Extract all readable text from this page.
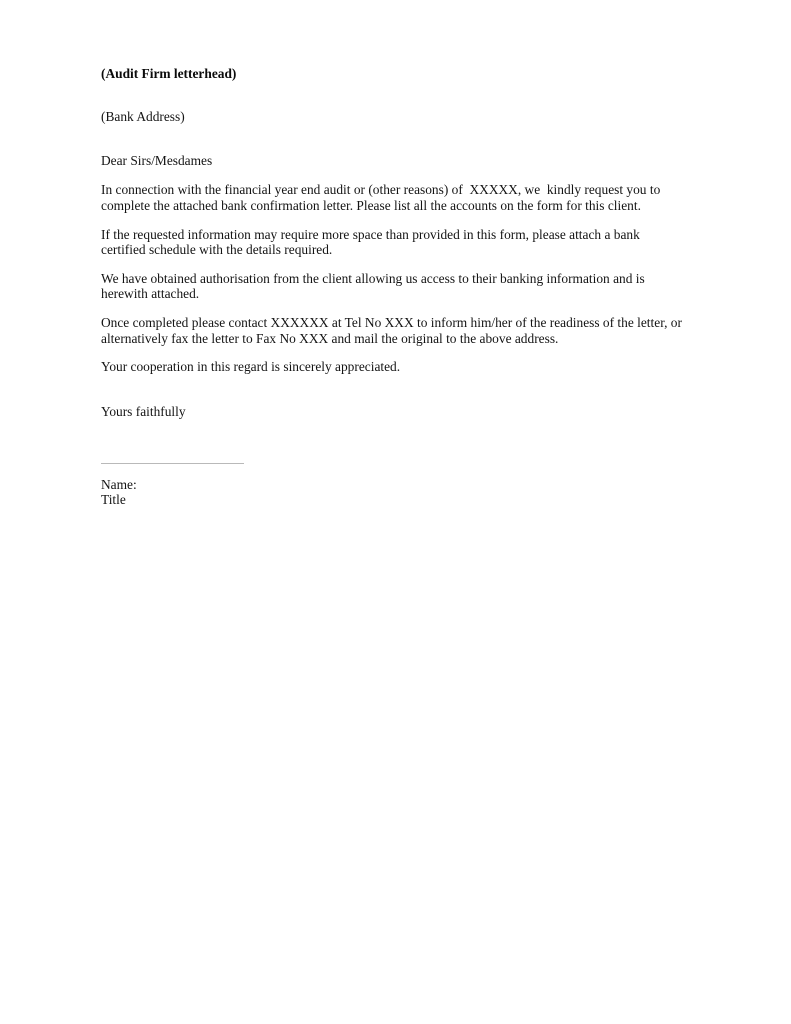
(Audit Firm letterhead)
(Bank Address)
Dear Sirs/Mesdames
In connection with the financial year end audit or (other reasons) of  XXXXX, we  kindly request you to complete the attached bank confirmation letter. Please list all the accounts on the form for this client.
If the requested information may require more space than provided in this form, please attach a bank certified schedule with the details required.
We have obtained authorisation from the client allowing us access to their banking information and is herewith attached.
Once completed please contact XXXXXX at Tel No XXX to inform him/her of the readiness of the letter, or alternatively fax the letter to Fax No XXX and mail the original to the above address.
Your cooperation in this regard is sincerely appreciated.
Yours faithfully
Name:
Title
